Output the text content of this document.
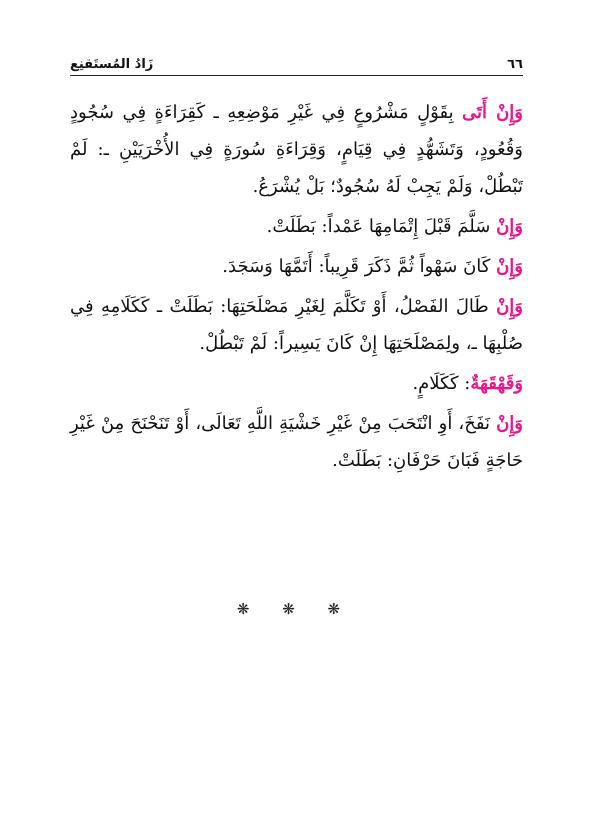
٦٦
زَادُ المُستَقنِع

وَإِنْ أَتَى بِقَوْلٍ مَشْرُوعٍ فِي غَيْرِ مَوْضِعِهِ ـ كَقِرَاءَةٍ فِي سُجُودٍ وَقُعُودٍ، وَتَشَهُّدٍ فِي قِيَامٍ، وَقِرَاءَةِ سُورَةٍ فِي الأُخْرَيَيْنِ ـ: لَمْ تَبْطُلْ، وَلَمْ يَجِبْ لَهُ سُجُودٌ؛ بَلْ يُشْرَعُ.

وَإِنْ سَلَّمَ قَبْلَ إِتْمَامِهَا عَمْداً: بَطَلَتْ.

وَإِنْ كَانَ سَهْواً ثُمَّ ذَكَرَ قَرِيباً: أَتَمَّهَا وَسَجَدَ.

وَإِنْ طَالَ الفَصْلُ، أَوْ تَكَلَّمَ لِغَيْرِ مَصْلَحَتِهَا: بَطَلَتْ ـ كَكَلَامِهِ فِي صُلْبِهَا ـ، ولِمَصْلَحَتِهَا إِنْ كَانَ يَسِيراً: لَمْ تَبْطُلْ.

وَقَهْقَهَةٌ: كَكَلَامٍ.

وَإِنْ نَفَخَ، أَوِ انْتَحَبَ مِنْ غَيْرِ خَشْيَةِ اللَّهِ تَعَالَى، أَوْ تَنَحْنَحَ مِنْ غَيْرِ حَاجَةٍ فَبَانَ حَرْفَانِ: بَطَلَتْ.

❋ ❋ ❋
